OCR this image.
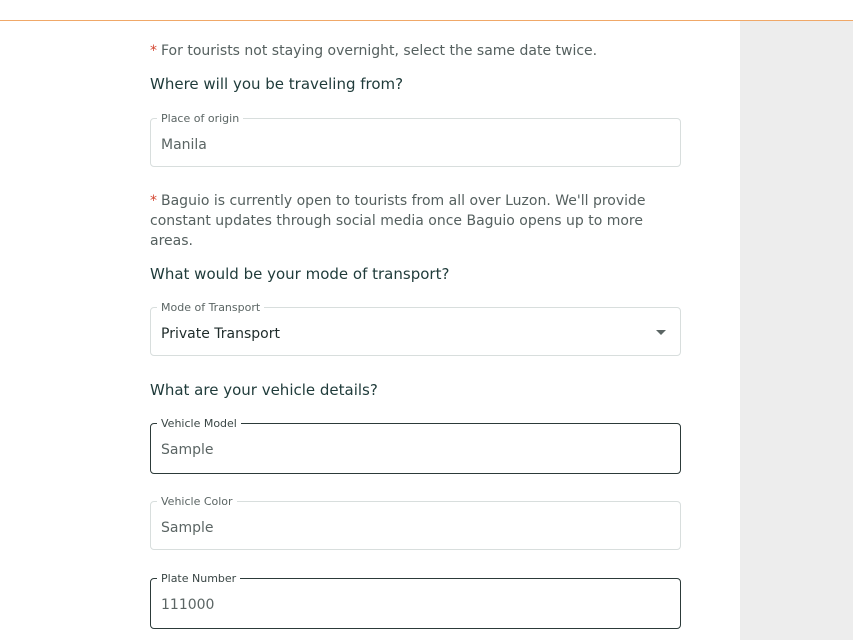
* For tourists not staying overnight, select the same date twice.
Where will you be traveling from?
Place of origin
Manila
* Baguio is currently open to tourists from all over Luzon. We'll provide constant updates through social media once Baguio opens up to more areas.
What would be your mode of transport?
Mode of Transport
Private Transport
What are your vehicle details?
Vehicle Model
Sample
Vehicle Color
Sample
Plate Number
111000
